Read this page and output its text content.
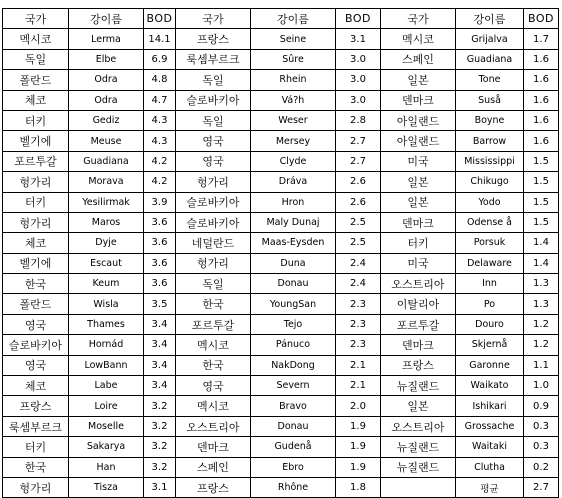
국가	강이름	BOD	국가	강이름	BOD	국가	강이름	BOD
멕시코	Lerma	14.1	프랑스	Seine	3.1	멕시코	Grijalva	1.7
독일	Elbe	6.9	룩셈부르크	Sûre	3.0	스페인	Guadiana	1.6
폴란드	Odra	4.8	독일	Rhein	3.0	일본	Tone	1.6
체코	Odra	4.7	슬로바키아	Vá?h	3.0	덴마크	Suså	1.6
터키	Gediz	4.3	독일	Weser	2.8	아일랜드	Boyne	1.6
벨기에	Meuse	4.3	영국	Mersey	2.7	아일랜드	Barrow	1.6
포르투갈	Guadiana	4.2	영국	Clyde	2.7	미국	Mississippi	1.5
헝가리	Morava	4.2	헝가리	Dráva	2.6	일본	Chikugo	1.5
터키	Yesilirmak	3.9	슬로바키아	Hron	2.6	일본	Yodo	1.5
헝가리	Maros	3.6	슬로바키아	Maly Dunaj	2.5	덴마크	Odense å	1.5
체코	Dyje	3.6	네덜란드	Maas-Eysden	2.5	터키	Porsuk	1.4
벨기에	Escaut	3.6	헝가리	Duna	2.4	미국	Delaware	1.4
한국	Keum	3.6	독일	Donau	2.4	오스트리아	Inn	1.3
폴란드	Wisla	3.5	한국	YoungSan	2.3	이탈리아	Po	1.3
영국	Thames	3.4	포르투갈	Tejo	2.3	포르투갈	Douro	1.2
슬로바키아	Hornád	3.4	멕시코	Pánuco	2.3	덴마크	Skjernå	1.2
영국	LowBann	3.4	한국	NakDong	2.1	프랑스	Garonne	1.1
체코	Labe	3.4	영국	Severn	2.1	뉴질랜드	Waikato	1.0
프랑스	Loire	3.2	멕시코	Bravo	2.0	일본	Ishikari	0.9
룩셈부르크	Moselle	3.2	오스트리아	Donau	1.9	오스트리아	Grossache	0.3
터키	Sakarya	3.2	덴마크	Gudenå	1.9	뉴질랜드	Waitaki	0.3
한국	Han	3.2	스페인	Ebro	1.9	뉴질랜드	Clutha	0.2
헝가리	Tisza	3.1	프랑스	Rhône	1.8		평균	2.7
